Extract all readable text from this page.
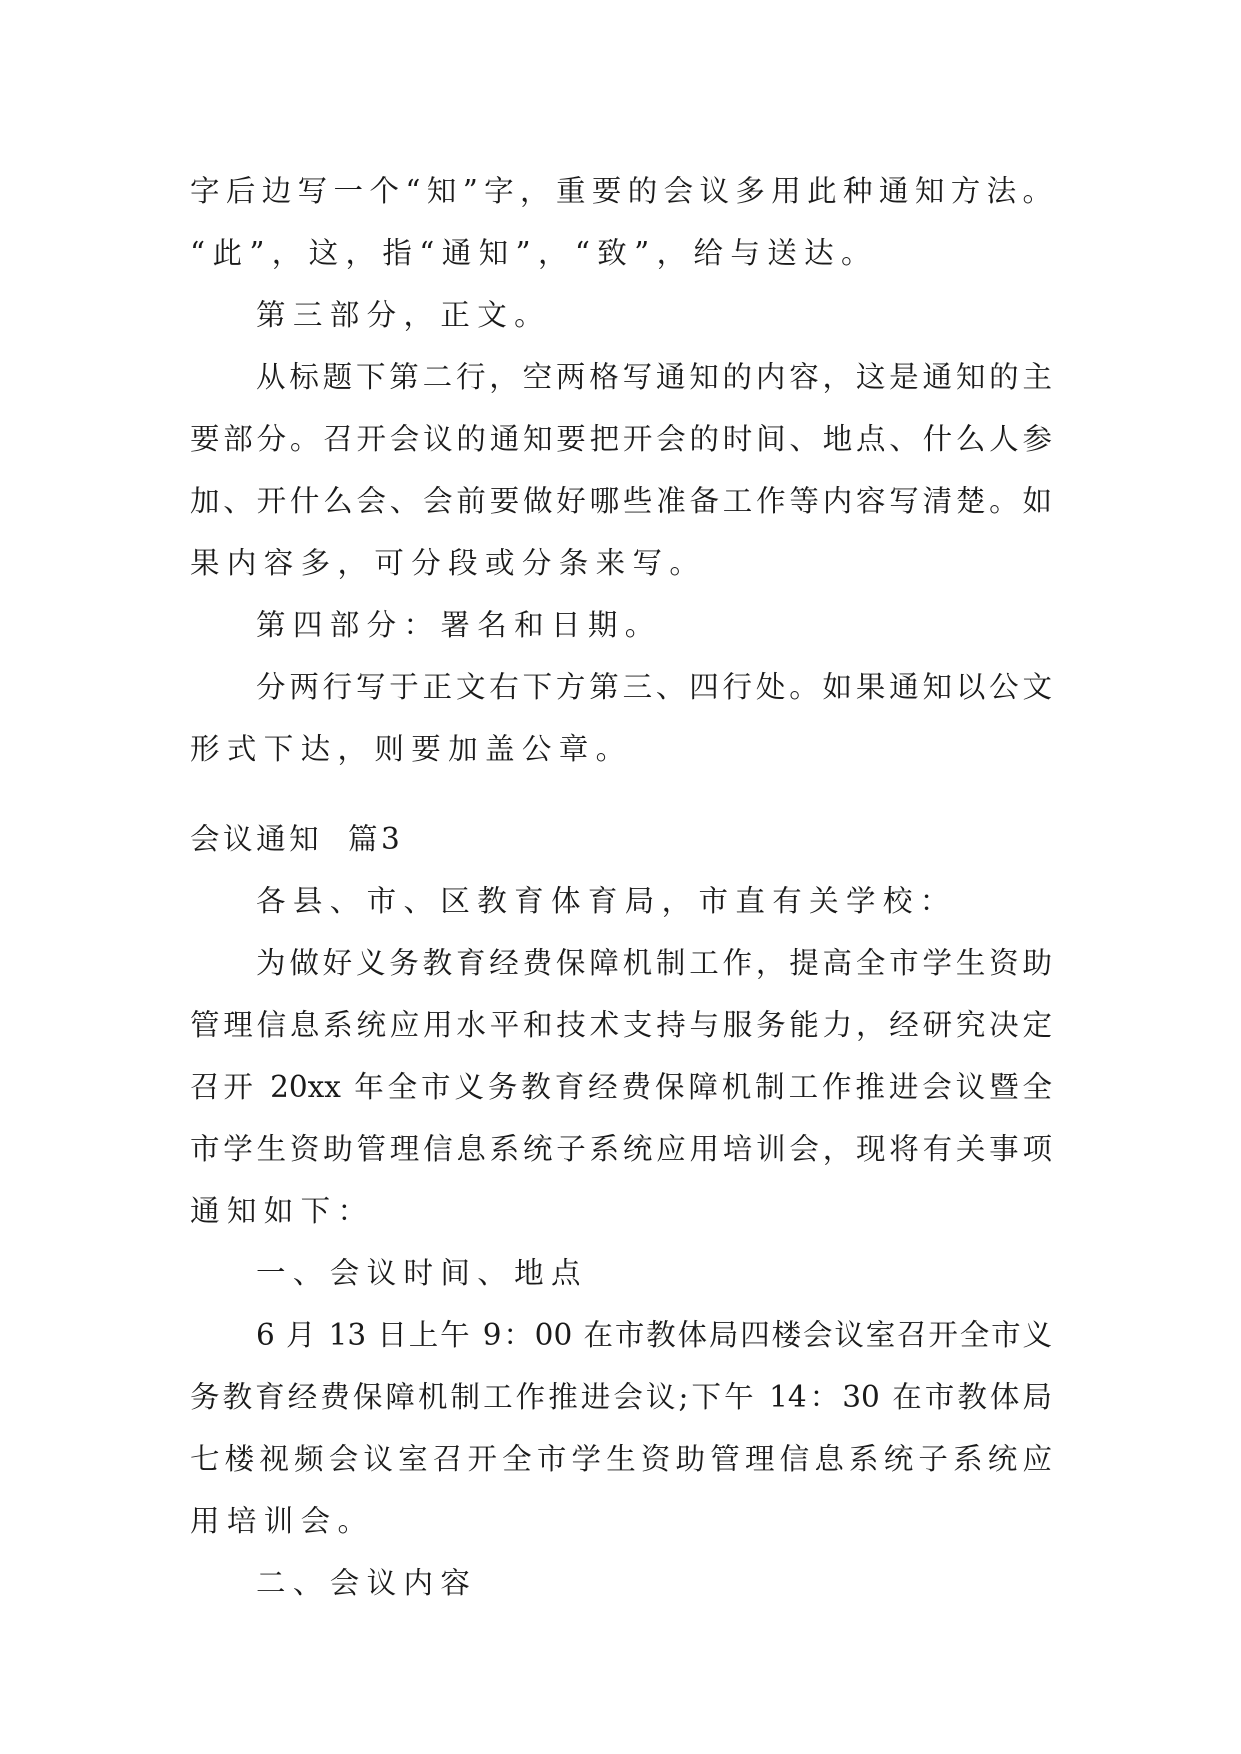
字后边写一个“知”字，重要的会议多用此种通知方法。
“此”，这，指“通知”，“致”，给与送达。
第三部分，正文。
从标题下第二行，空两格写通知的内容，这是通知的主
要部分。召开会议的通知要把开会的时间、地点、什么人参
加、开什么会、会前要做好哪些准备工作等内容写清楚。如
果内容多，可分段或分条来写。
第四部分：署名和日期。
分两行写于正文右下方第三、四行处。如果通知以公文
形式下达，则要加盖公章。
会议通知  篇3
各县、市、区教育体育局，市直有关学校：
为做好义务教育经费保障机制工作，提高全市学生资助
管理信息系统应用水平和技术支持与服务能力，经研究决定
召开 20xx 年全市义务教育经费保障机制工作推进会议暨全
市学生资助管理信息系统子系统应用培训会，现将有关事项
通知如下：
一、会议时间、地点
6 月 13 日上午 9：00 在市教体局四楼会议室召开全市义
务教育经费保障机制工作推进会议;下午 14：30 在市教体局
七楼视频会议室召开全市学生资助管理信息系统子系统应
用培训会。
二、会议内容
